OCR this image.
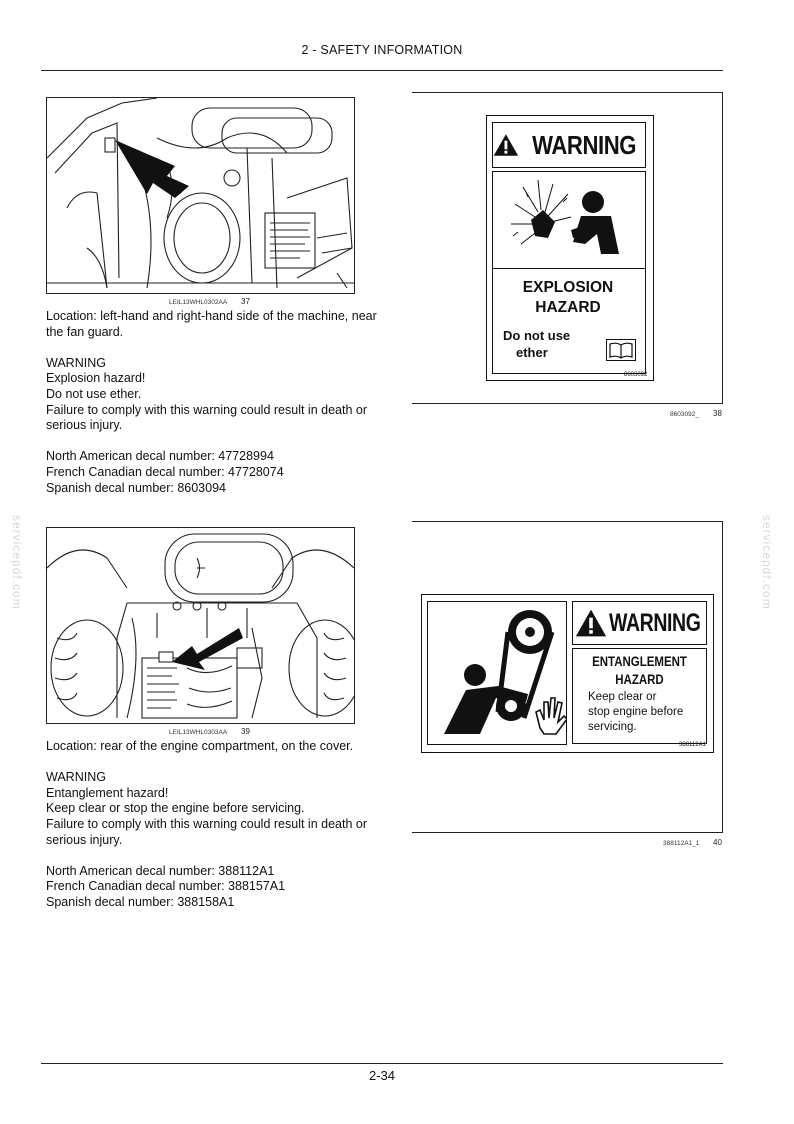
2 - SAFETY INFORMATION
servicepdf.com	servicepdf.com
LEIL13WHL0302AA 37

Location: left-hand and right-hand side of the machine, near the fan guard.

WARNING

Explosion hazard!

Do not use ether.

Failure to comply with this warning could result in death or serious injury.

North American decal number: 47728994

French Canadian decal number: 47728074

Spanish decal number: 8603094

WARNING
EXPLOSION
HAZARD
Do not use
ether
8603092
8603092_ 38
LEIL13WHL0303AA 39

Location: rear of the engine compartment, on the cover.

WARNING

Entanglement hazard!

Keep clear or stop the engine before servicing.

Failure to comply with this warning could result in death or serious injury.

North American decal number: 388112A1

French Canadian decal number: 388157A1

Spanish decal number: 388158A1

WARNING
ENTANGLEMENT
HAZARD
Keep clear or
stop engine before
servicing.
388112A1
388112A1_1 40
2-34
